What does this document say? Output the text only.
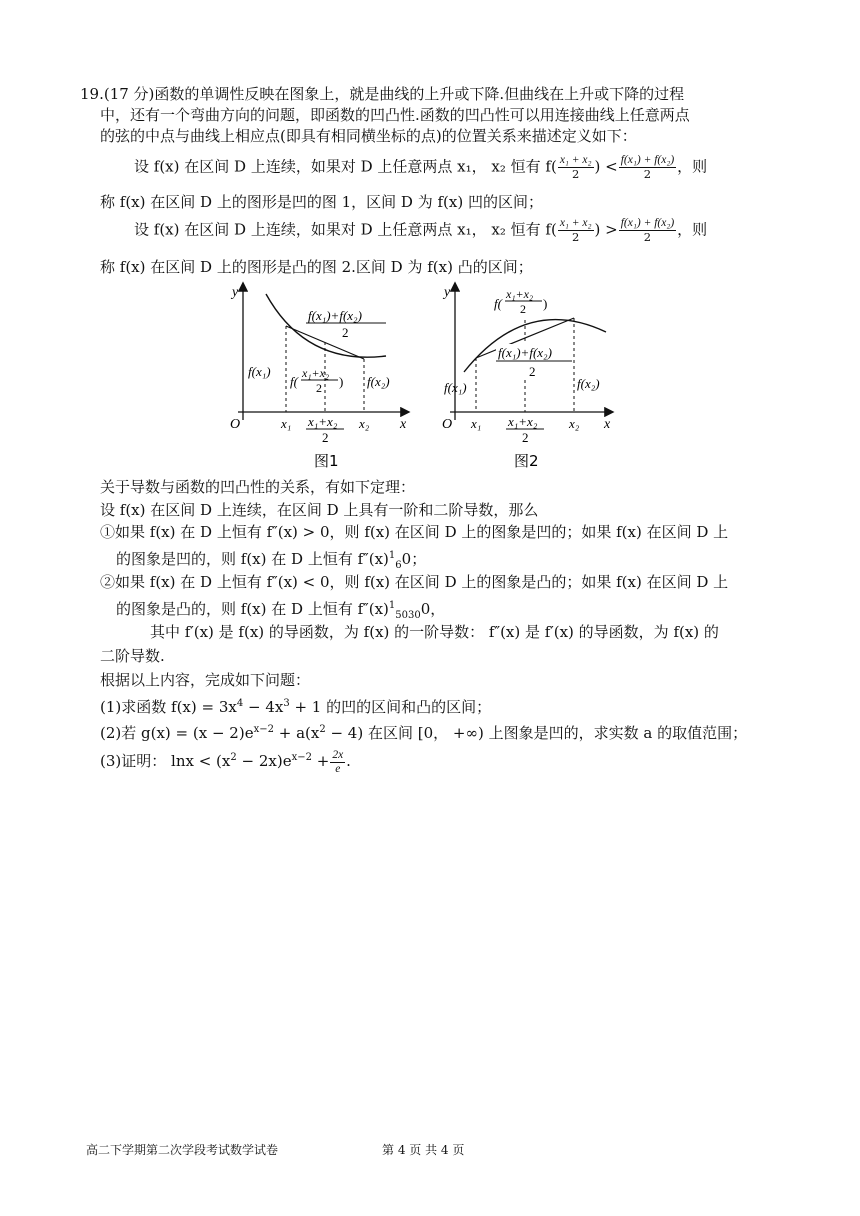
19.(17 分)函数的单调性反映在图象上，就是曲线的上升或下降.但曲线在上升或下降的过程
中，还有一个弯曲方向的问题，即函数的凹凸性.函数的凹凸性可以用连接曲线上任意两点
的弦的中点与曲线上相应点(即具有相同横坐标的点)的位置关系来描述定义如下：
设 f(x) 在区间 D 上连续，如果对 D 上任意两点 x₁， x₂ 恒有 $f( \frac{\text{x₁ + x₂}}{2}$ ) < $\frac{\text{f(x₁) + f(x₂)}}{2}$ ，则
称 f(x) 在区间 D 上的图形是凹的图 1，区间 D 为 f(x) 凹的区间；
设 f(x) 在区间 D 上连续，如果对 D 上任意两点 x₁， x₂ 恒有 $f( \frac{\text{x₁ + x₂}}{2}$ ) > $\frac{\text{f(x₁) + f(x₂)}}{2}$ ，则
称 f(x) 在区间 D 上的图形是凸的图 2.区间 D 为 f(x) 凸的区间；
y
x
O	x₁	x₂
x₁+x₂
2
f(x₁)
f(x₂)
f(x₁)+f(x₂)
2
f(
x₁+x₂
2 )
图1
y
x
O x₁	x₂
x₁+x₂
2
f(x₁)	f(x₂)
f(
x₁+x₂
2 )
f(x₁)+f(x₂)
2
图2
关于导数与函数的凹凸性的关系，有如下定理：
设 f(x) 在区间 D 上连续，在区间 D 上具有一阶和二阶导数，那么
①如果 f(x) 在 D 上恒有 f″(x) > 0，则 f(x) 在区间 D 上的图象是凹的；如果 f(x) 在区间 D 上
的图象是凹的，则 f(x) 在 D 上恒有 $f''(x)^1_60$；
②如果 f(x) 在 D 上恒有 f″(x) < 0，则 f(x) 在区间 D 上的图象是凸的；如果 f(x) 在区间 D 上
的图象是凸的，则 f(x) 在 D 上恒有 $f''(x)^1_{5030}0$，
其中 f′(x) 是 f(x) 的导函数，为 f(x) 的一阶导数： f″(x) 是 f′(x) 的导函数，为 f(x) 的
二阶导数.
根据以上内容，完成如下问题：
(1)求函数 $f(x) = 3x^4 - 4x^3 + 1$ 的凹的区间和凸的区间；
(2)若 $g(x) = (x - 2)e^{x-2} + a(x^2 - 4)$ 在区间 [0， +∞) 上图象是凹的，求实数 a 的取值范围；
(3)证明： $\ln x < (x^2 - 2x)e^{x-2} + \frac{2x}{e}$ .
高二下学期第二次学段考试数学试卷	第 4 页 共 4 页
